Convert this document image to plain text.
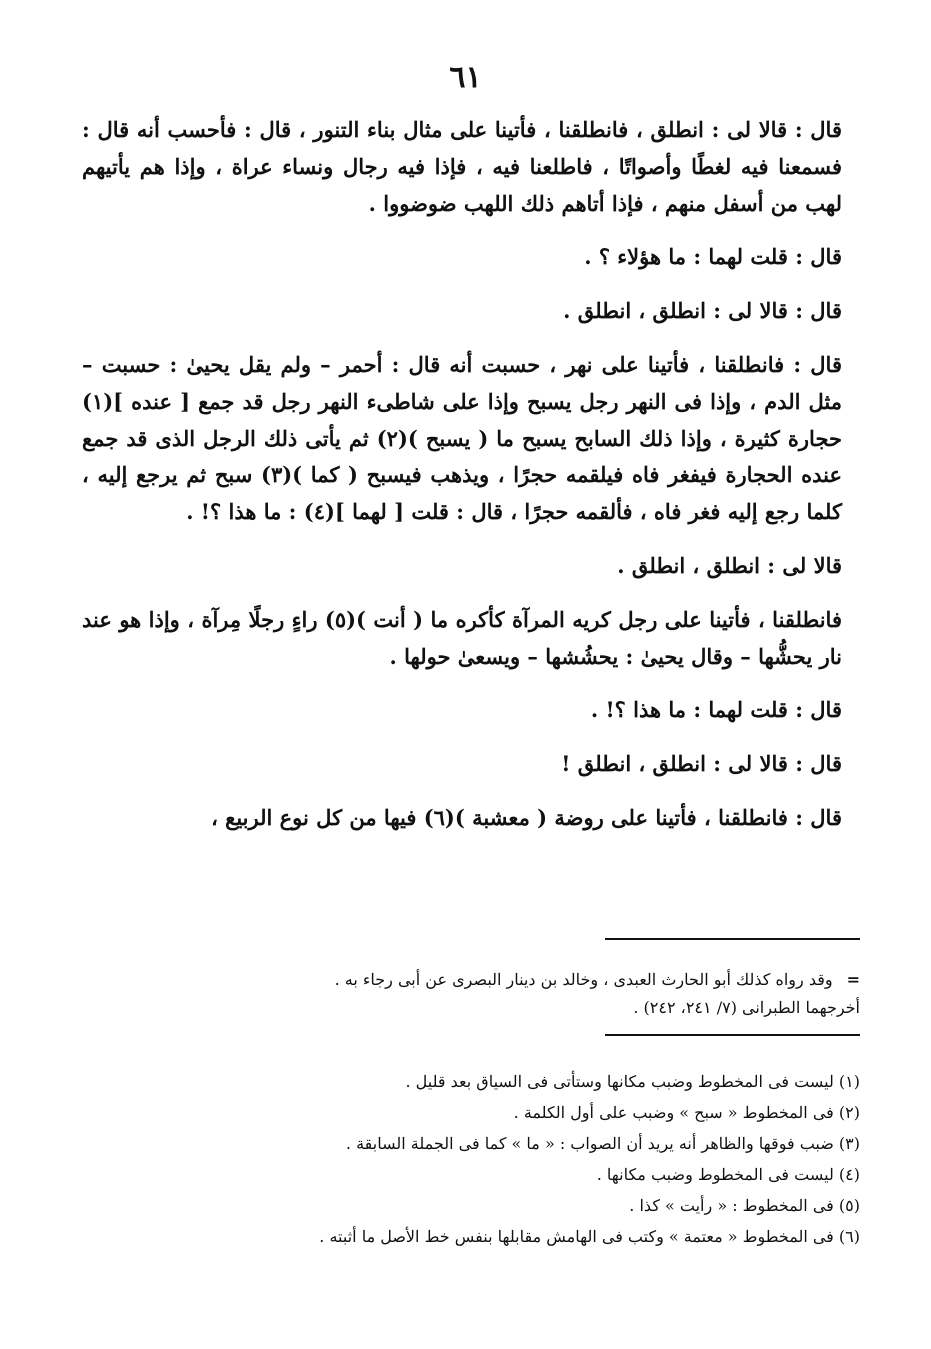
٦١

قال : قالا لى : انطلق ، فانطلقنا ، فأتينا على مثال بناء التنور ، قال : فأحسب أنه قال : فسمعنا فيه لغطًا وأصواتًا ، فاطلعنا فيه ، فإذا فيه رجال ونساء عراة ، وإذا هم يأتيهم لهب من أسفل منهم ، فإذا أتاهم ذلك اللهب ضوضووا .

قال : قلت لهما : ما هؤلاء ؟ .

قال : قالا لى : انطلق ، انطلق .

قال : فانطلقنا ، فأتينا على نهر ، حسبت أنه قال : أحمر – ولم يقل يحيىٰ : حسبت – مثل الدم ، وإذا فى النهر رجل يسبح وإذا على شاطىء النهر رجل قد جمع [ عنده ](١) حجارة كثيرة ، وإذا ذلك السابح يسبح ما ( يسبح )(٢) ثم يأتى ذلك الرجل الذى قد جمع عنده الحجارة فيفغر فاه فيلقمه حجرًا ، ويذهب فيسبح ( كما )(٣) سبح ثم يرجع إليه ، كلما رجع إليه فغر فاه ، فألقمه حجرًا ، قال : قلت [ لهما ](٤) : ما هذا ؟! .

قالا لى : انطلق ، انطلق .

فانطلقنا ، فأتينا على رجل كريه المرآة كأكره ما ( أنت )(٥) راءٍ رجلًا مِرآة ، وإذا هو عند نار يحشُّها – وقال يحيىٰ : يحشُشها – ويسعىٰ حولها .

قال : قلت لهما : ما هذا ؟! .

قال : قالا لى : انطلق ، انطلق !

قال : فانطلقنا ، فأتينا على روضة ( معشبة )(٦) فيها من كل نوع الربيع ،

=وقد رواه كذلك أبو الحارث العبدى ، وخالد بن دينار البصرى عن أبى رجاء به .
أخرجهما الطبرانى (٧/ ٢٤١، ٢٤٢) .
(١) ليست فى المخطوط وضبب مكانها وستأتى فى السياق بعد قليل .
(٢) فى المخطوط « سبح » وضبب على أول الكلمة .
(٣) ضبب فوقها والظاهر أنه يريد أن الصواب : « ما » كما فى الجملة السابقة .
(٤) ليست فى المخطوط وضبب مكانها .
(٥) فى المخطوط : « رأيت » كذا .
(٦) فى المخطوط « معتمة » وكتب فى الهامش مقابلها بنفس خط الأصل ما أثبته .
